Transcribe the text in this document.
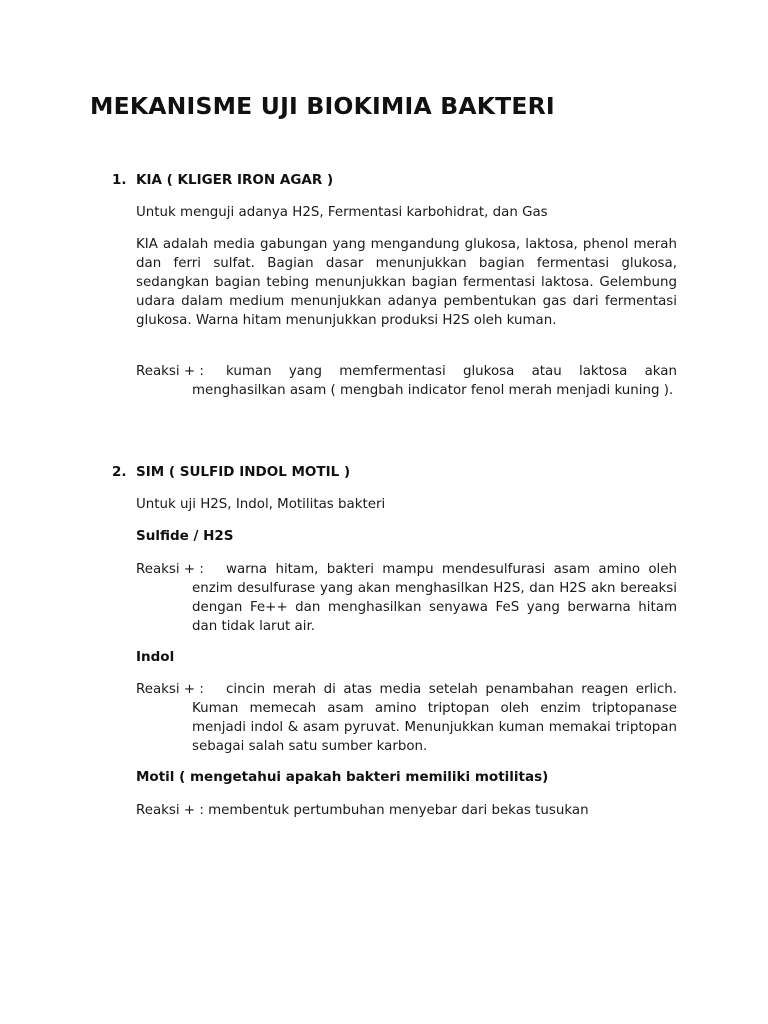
MEKANISME UJI BIOKIMIA BAKTERI
1. KIA ( KLIGER IRON AGAR )

Untuk menguji adanya H2S, Fermentasi karbohidrat, dan Gas

KIA adalah media gabungan yang mengandung glukosa, laktosa, phenol merah dan ferri sulfat. Bagian dasar menunjukkan bagian fermentasi glukosa, sedangkan bagian tebing menunjukkan bagian fermentasi laktosa. Gelembung udara dalam medium menunjukkan adanya pembentukan gas dari fermentasi glukosa. Warna hitam menunjukkan produksi H2S oleh kuman.

Reaksi + : kuman yang memfermentasi glukosa atau laktosa akan menghasilkan asam ( mengbah indicator fenol merah menjadi kuning ).

2. SIM ( SULFID INDOL MOTIL )

Untuk uji H2S, Indol, Motilitas bakteri

Sulfide / H2S

Reaksi + : warna hitam, bakteri mampu mendesulfurasi asam amino oleh enzim desulfurase yang akan menghasilkan H2S, dan H2S akn bereaksi dengan Fe++ dan menghasilkan senyawa FeS yang berwarna hitam dan tidak larut air.

Indol

Reaksi + : cincin merah di atas media setelah penambahan reagen erlich. Kuman memecah asam amino triptopan oleh enzim triptopanase menjadi indol & asam pyruvat. Menunjukkan kuman memakai triptopan sebagai salah satu sumber karbon.

Motil ( mengetahui apakah bakteri memiliki motilitas)

Reaksi + : membentuk pertumbuhan menyebar dari bekas tusukan
